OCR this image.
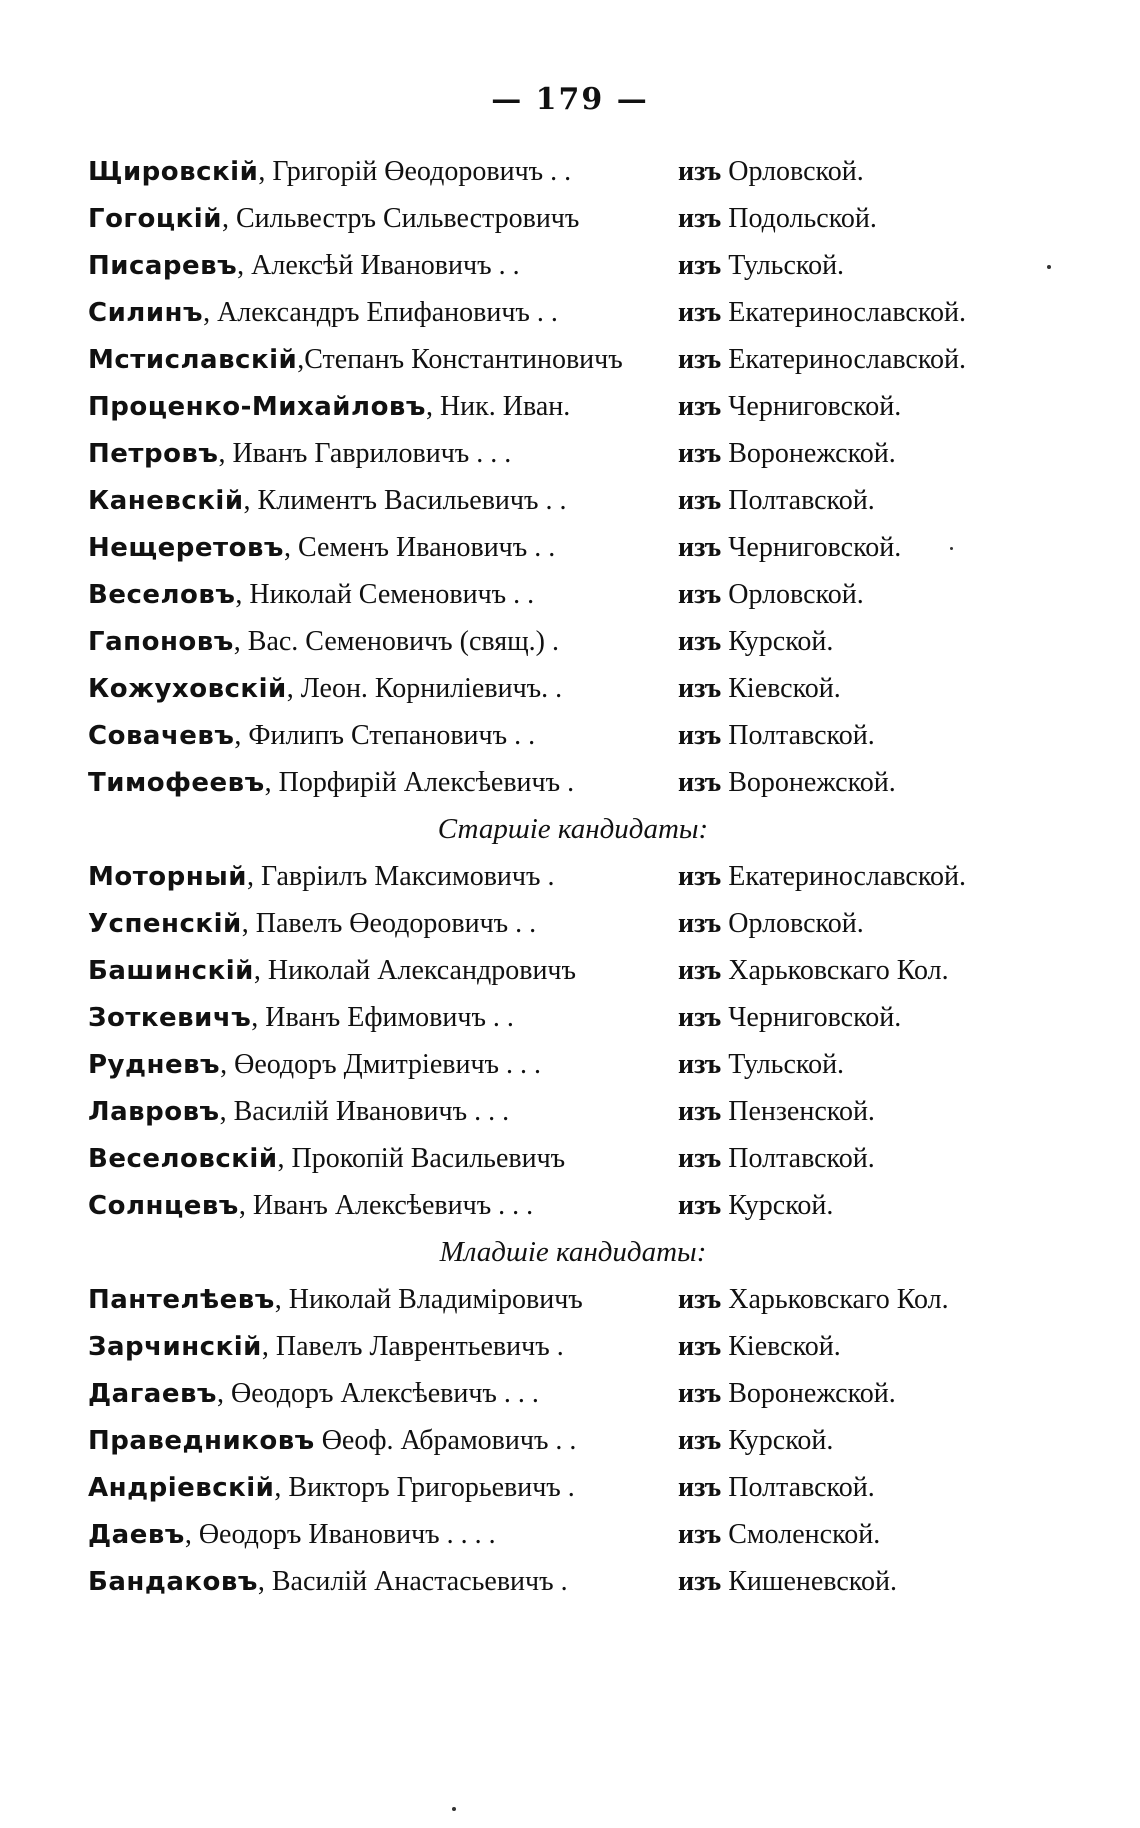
— 179 —
Щировскій, Григорій Өеодоровичъ . .	изъ Орловской.
Гогоцкій, Сильвестръ Сильвестровичъ	изъ Подольской.
Писаревъ, Алексѣй Ивановичъ . .	изъ Тульской.
Силинъ, Александръ Епифановичъ . .	изъ Екатеринославской.
Мстиславскій,Степанъ Константиновичъ изъ Екатеринославской.
Проценко-Михайловъ, Ник. Иван.	изъ Черниговской.
Петровъ, Иванъ Гавриловичъ . . .	изъ Воронежской.
Каневскій, Климентъ Васильевичъ . .	изъ Полтавской.
Нещеретовъ, Семенъ Ивановичъ . .	изъ Черниговской.
Веселовъ, Николай Семеновичъ . .	изъ Орловской.
Гапоновъ, Вас. Семеновичъ (свящ.) .	изъ Курской.
Кожуховскій, Леон. Корниліевичъ. .	изъ Кіевской.
Совачевъ, Филипъ Степановичъ . .	изъ Полтавской.
Тимофеевъ, Порфирій Алексѣевичъ .	изъ Воронежской.
Старшіе кандидаты:
Моторный, Гавріилъ Максимовичъ .	изъ Екатеринославской.
Успенскій, Павелъ Өеодоровичъ . .	изъ Орловской.
Башинскій, Николай Александровичъ	изъ Харьковскаго Кол.
Зоткевичъ, Иванъ Ефимовичъ . .	изъ Черниговской.
Рудневъ, Өеодоръ Дмитріевичъ . . .	изъ Тульской.
Лавровъ, Василій Ивановичъ . . .	изъ Пензенской.
Веселовскій, Прокопій Васильевичъ	изъ Полтавской.
Солнцевъ, Иванъ Алексѣевичъ . . .	изъ Курской.
Младшіе кандидаты:
Пантелѣевъ, Николай Владиміровичъ	изъ Харьковскаго Кол.
Зарчинскій, Павелъ Лаврентьевичъ .	изъ Кіевской.
Дагаевъ, Өеодоръ Алексѣевичъ . . .	изъ Воронежской.
Праведниковъ Өеоф. Абрамовичъ . .	изъ Курской.
Андріевскій, Викторъ Григорьевичъ .	изъ Полтавской.
Даевъ, Өеодоръ Ивановичъ . . . .	изъ Смоленской.
Бандаковъ, Василій Анастасьевичъ .	изъ Кишеневской.
